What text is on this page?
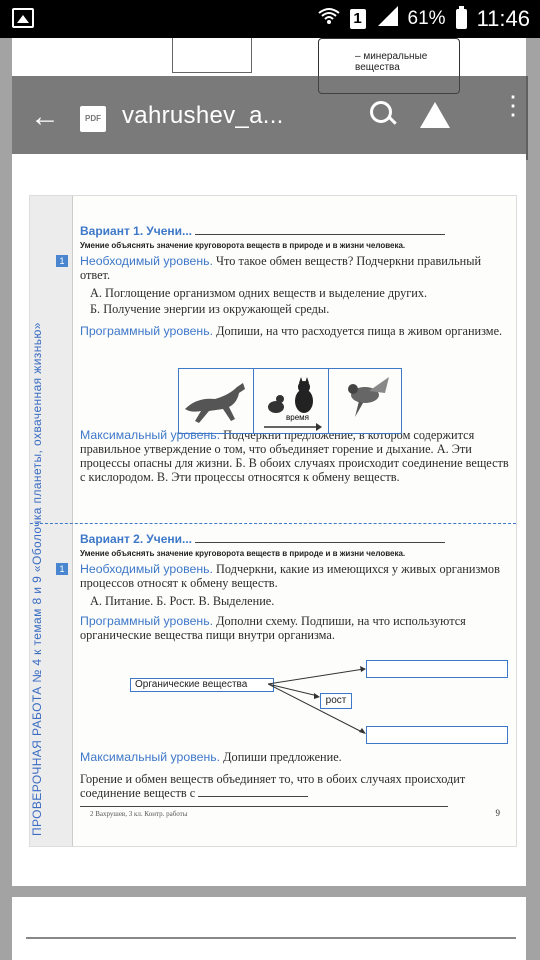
1 61% 11:46
– минеральные
вещества
←	PDF vahrushev_a...	⋮
ПРОВЕРОЧНАЯ РАБОТА № 4 к темам 8 и 9 «Оболочка планеты, охваченная жизнью»
Вариант 1. Учени...
Умение объяснять значение круговорота веществ в природе и в жизни человека.
1 Необходимый уровень. Что такое обмен веществ? Подчеркни правильный ответ.
А. Поглощение организмом одних веществ и выделение других.
Б. Получение энергии из окружающей среды.
Программный уровень. Допиши, на что расходуется пища в живом организме.
Максимальный уровень. Подчеркни предложение, в котором содержится правильное утверждение о том, что объединяет горение и дыхание. А. Эти процессы опасны для жизни. Б. В обоих случаях происходит соединение веществ с кислородом. В. Эти процессы относятся к обмену веществ.
Вариант 2. Учени...
Умение объяснять значение круговорота веществ в природе и в жизни человека.
1 Необходимый уровень. Подчеркни, какие из имеющихся у живых организмов процессов относят к обмену веществ.
А. Питание. Б. Рост. В. Выделение.
Программный уровень. Дополни схему. Подпиши, на что используются органические вещества пищи внутри организма.
Максимальный уровень. Допиши предложение.
Горение и обмен веществ объединяет то, что в обоих случаях происходит соединение веществ с
время
Органические вещества
рост
2 Вахрушев, 3 кл. Контр. работы	9
